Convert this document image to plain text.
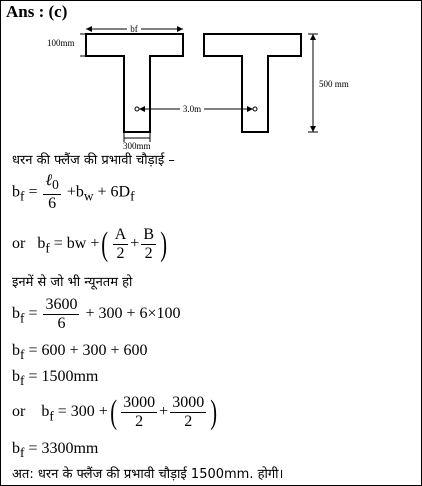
Ans : (c)
bf
100mm
3.0m
500 mm
300mm
धरन की फ्लैंज की प्रभावी चौड़ाई –
$b_f = \frac{\ell_0}{6} +b_w + 6D_f$
or $b_f$ = bw +( $\frac{A}{2} + \frac{B}{2}$ )
इनमें से जो भी न्यूनतम हो
$b_f = \frac{3600}{6} + 300 + 6\times 100$
$b_f = 600 + 300 + 600$
$b_f = 1500mm$
or $b_f = 300$ +( $\frac{3000}{2} + \frac{3000}{2}$ )
$b_f = 3300mm$
अत: धरन के फ्लैंज की प्रभावी चौड़ाई 1500mm. होगी।
